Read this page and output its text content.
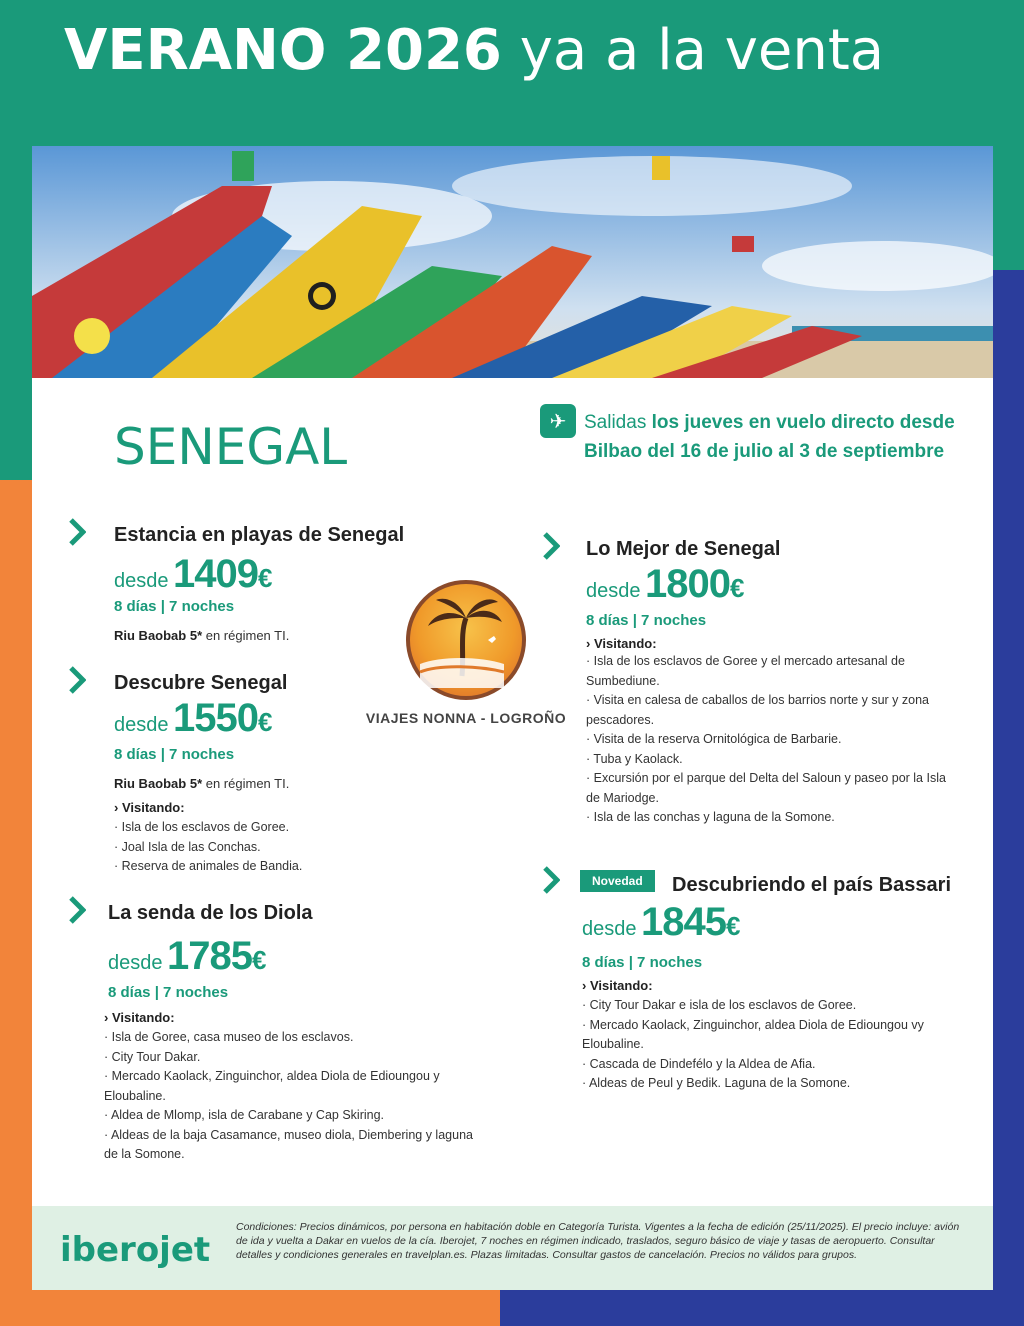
VERANO 2026 ya a la venta
SENEGAL	✈ Salidas los jueves en vuelo directo desde Bilbao del 16 de julio al 3 de septiembre
VIAJES NONNA - LOGROÑO
Estancia en playas de Senegal
desde 1409€
8 días | 7 noches
Riu Baobab 5* en régimen TI.
Descubre Senegal
desde 1550€
8 días | 7 noches
Riu Baobab 5* en régimen TI.
› Visitando:
· Isla de los esclavos de Goree.
· Joal Isla de las Conchas.
· Reserva de animales de Bandia.
La senda de los Diola
desde 1785€
8 días | 7 noches
› Visitando:
· Isla de Goree, casa museo de los esclavos.
· City Tour Dakar.
· Mercado Kaolack, Zinguinchor, aldea Diola de Edioungou y Eloubaline.
· Aldea de Mlomp, isla de Carabane y Cap Skiring.
· Aldeas de la baja Casamance, museo diola, Diembering y laguna de la Somone.
Lo Mejor de Senegal
desde 1800€
8 días | 7 noches
› Visitando:
· Isla de los esclavos de Goree y el mercado artesanal de Sumbediune.
· Visita en calesa de caballos de los barrios norte y sur y zona pescadores.
· Visita de la reserva Ornitológica de Barbarie.
· Tuba y Kaolack.
· Excursión por el parque del Delta del Saloun y paseo por la Isla de Mariodge.
· Isla de las conchas y laguna de la Somone.
Novedad	Descubriendo el país Bassari
desde 1845€
8 días | 7 noches
› Visitando:
· City Tour Dakar e isla de los esclavos de Goree.
· Mercado Kaolack, Zinguinchor, aldea Diola de Edioungou vy Eloubaline.
· Cascada de Dindefélo y la Aldea de Afia.
· Aldeas de Peul y Bedik. Laguna de la Somone.
iberojet
Condiciones: Precios dinámicos, por persona en habitación doble en Categoría Turista. Vigentes a la fecha de edición (25/11/2025). El precio incluye: avión de ida y vuelta a Dakar en vuelos de la cía. Iberojet, 7 noches en régimen indicado, traslados, seguro básico de viaje y tasas de aeropuerto. Consultar detalles y condiciones generales en travelplan.es. Plazas limitadas. Consultar gastos de cancelación. Precios no válidos para grupos.
